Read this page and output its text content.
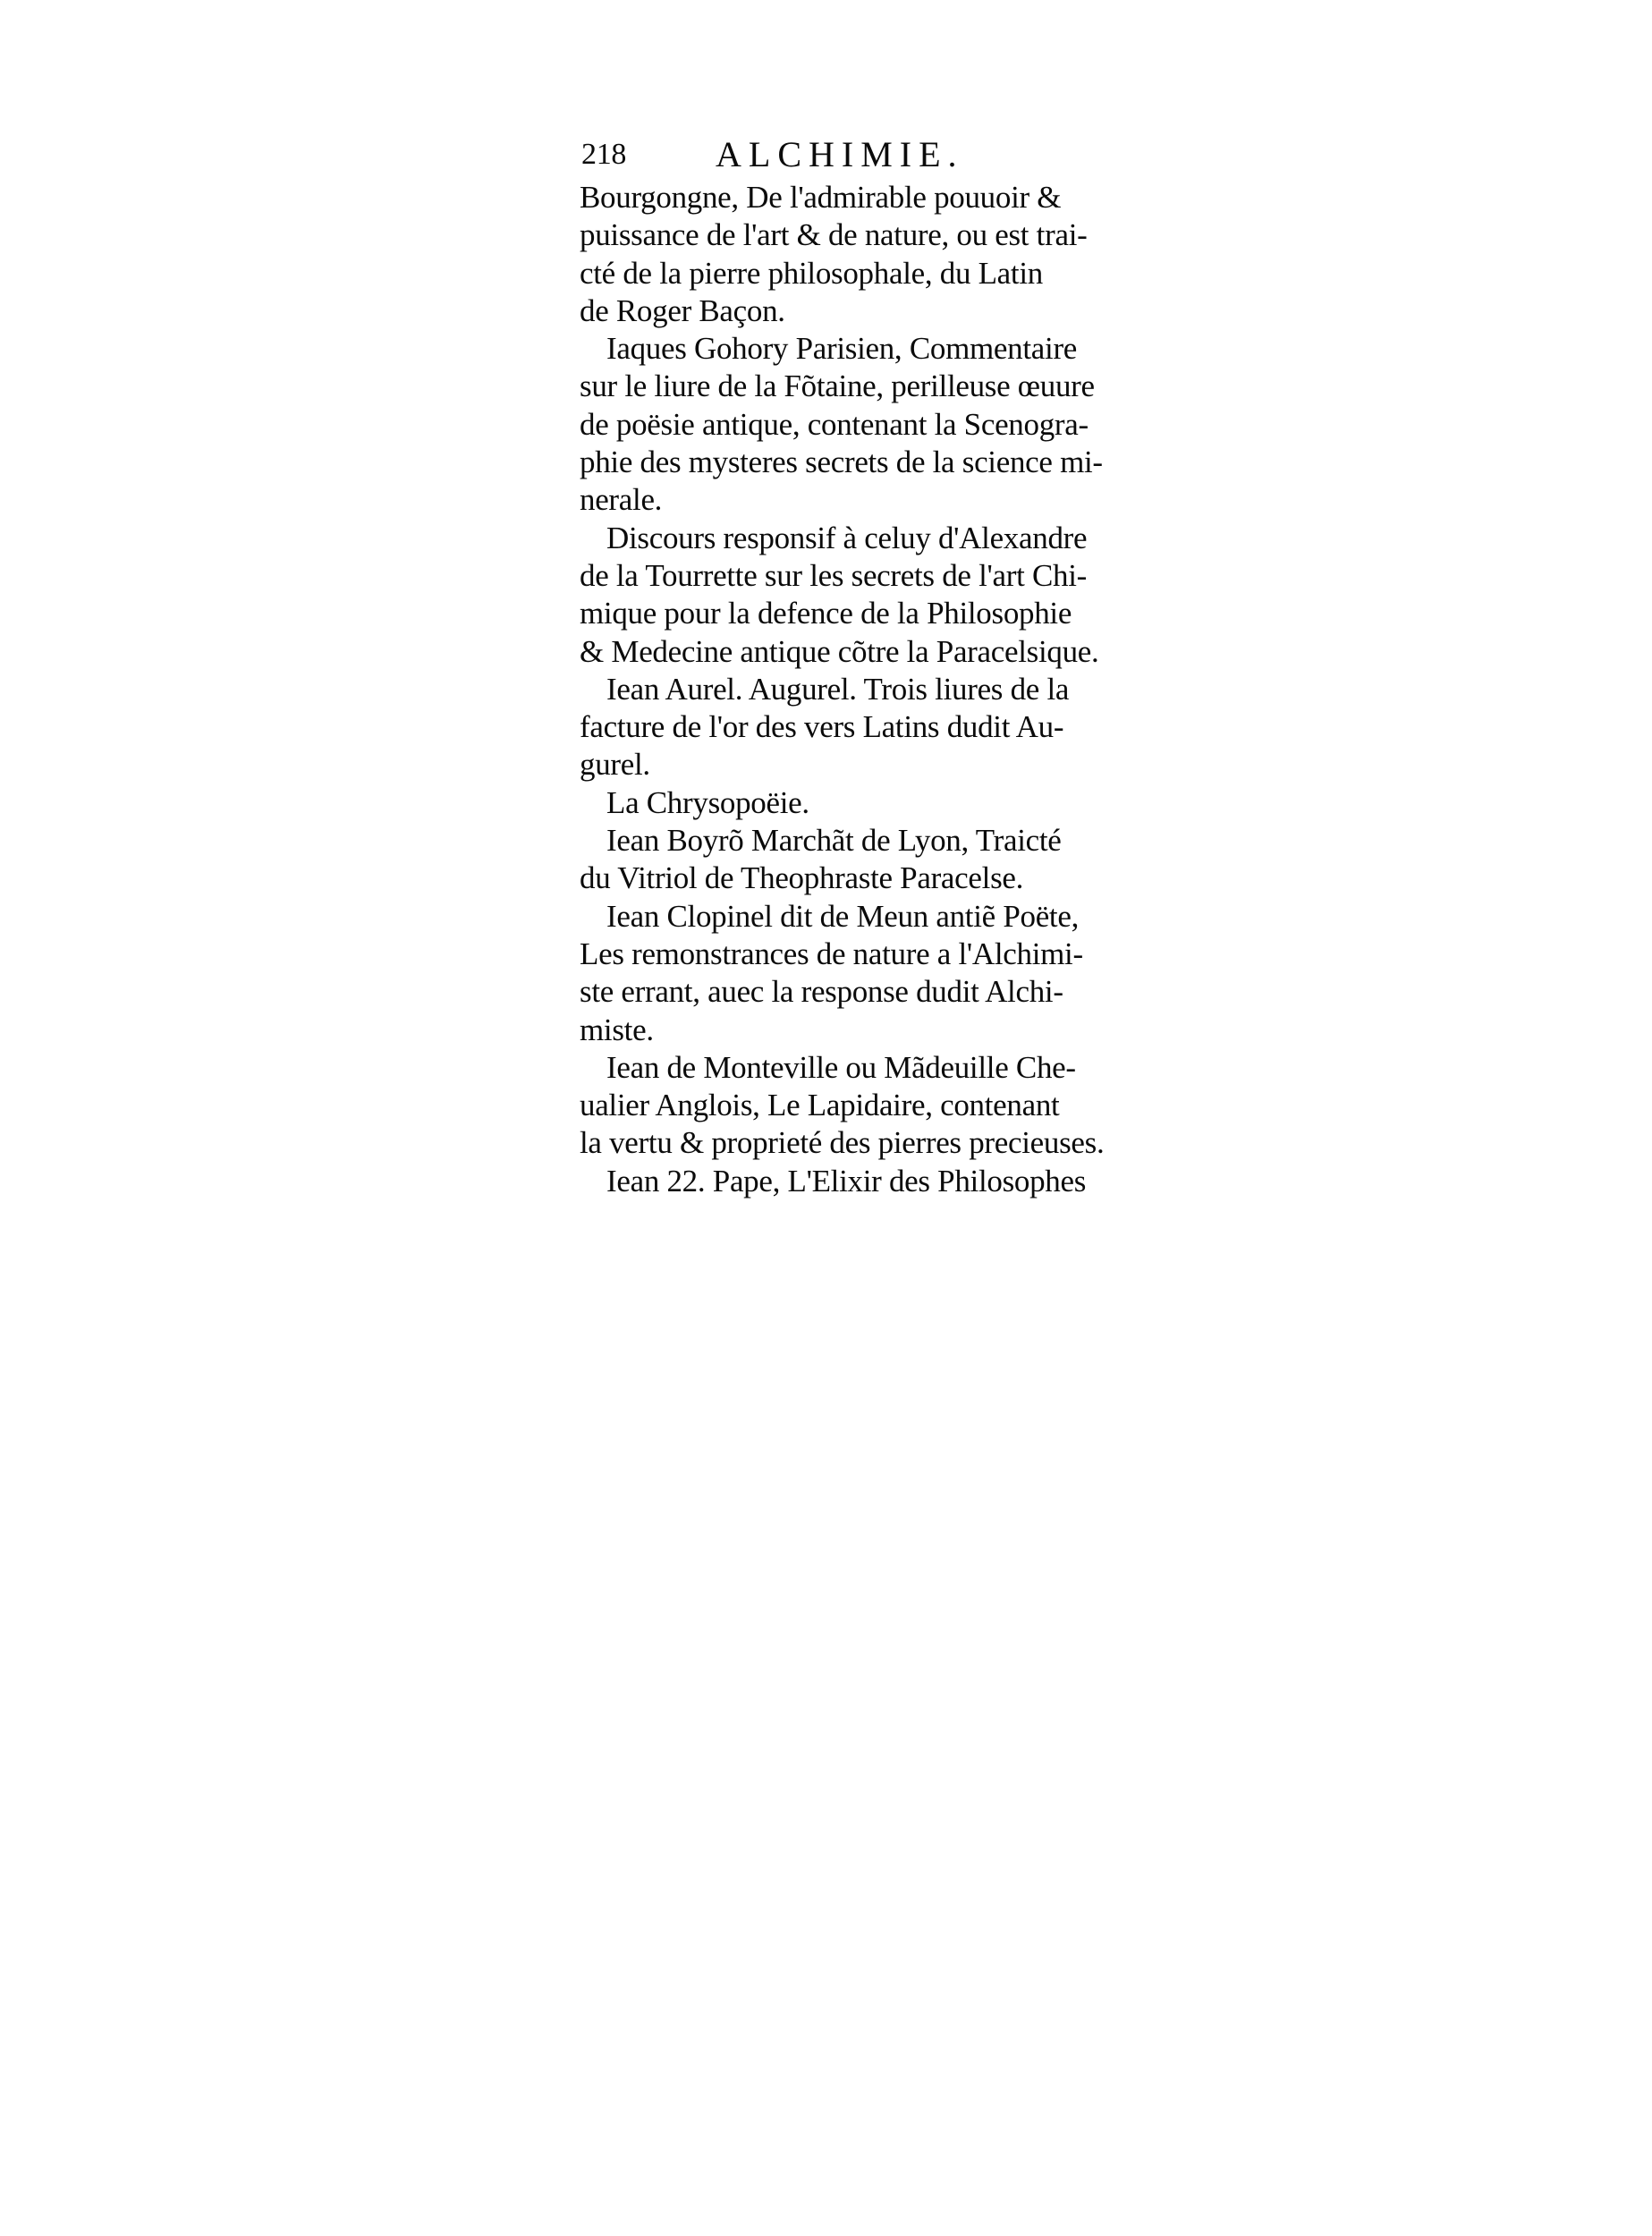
218 ALCHIMIE.
Bourgongne, De l'admirable pouuoir &
puissance de l'art & de nature, ou est trai-
cté de la pierre philosophale, du Latin
de Roger Baçon.
Iaques Gohory Parisien, Commentaire
sur le liure de la Fõtaine, perilleuse œuure
de poësie antique, contenant la Scenogra-
phie des mysteres secrets de la science mi-
nerale.
Discours responsif à celuy d'Alexandre
de la Tourrette sur les secrets de l'art Chi-
mique pour la defence de la Philosophie
& Medecine antique cõtre la Paracelsique.
Iean Aurel. Augurel. Trois liures de la
facture de l'or des vers Latins dudit Au-
gurel.
La Chrysopoëie.
Iean Boyrõ Marchãt de Lyon, Traicté
du Vitriol de Theophraste Paracelse.
Iean Clopinel dit de Meun antiẽ Poëte,
Les remonstrances de nature a l'Alchimi-
ste errant, auec la response dudit Alchi-
miste.
Iean de Monteville ou Mãdeuille Che-
ualier Anglois, Le Lapidaire, contenant
la vertu & proprieté des pierres precieuses.
Iean 22. Pape, L'Elixir des Philosophes
